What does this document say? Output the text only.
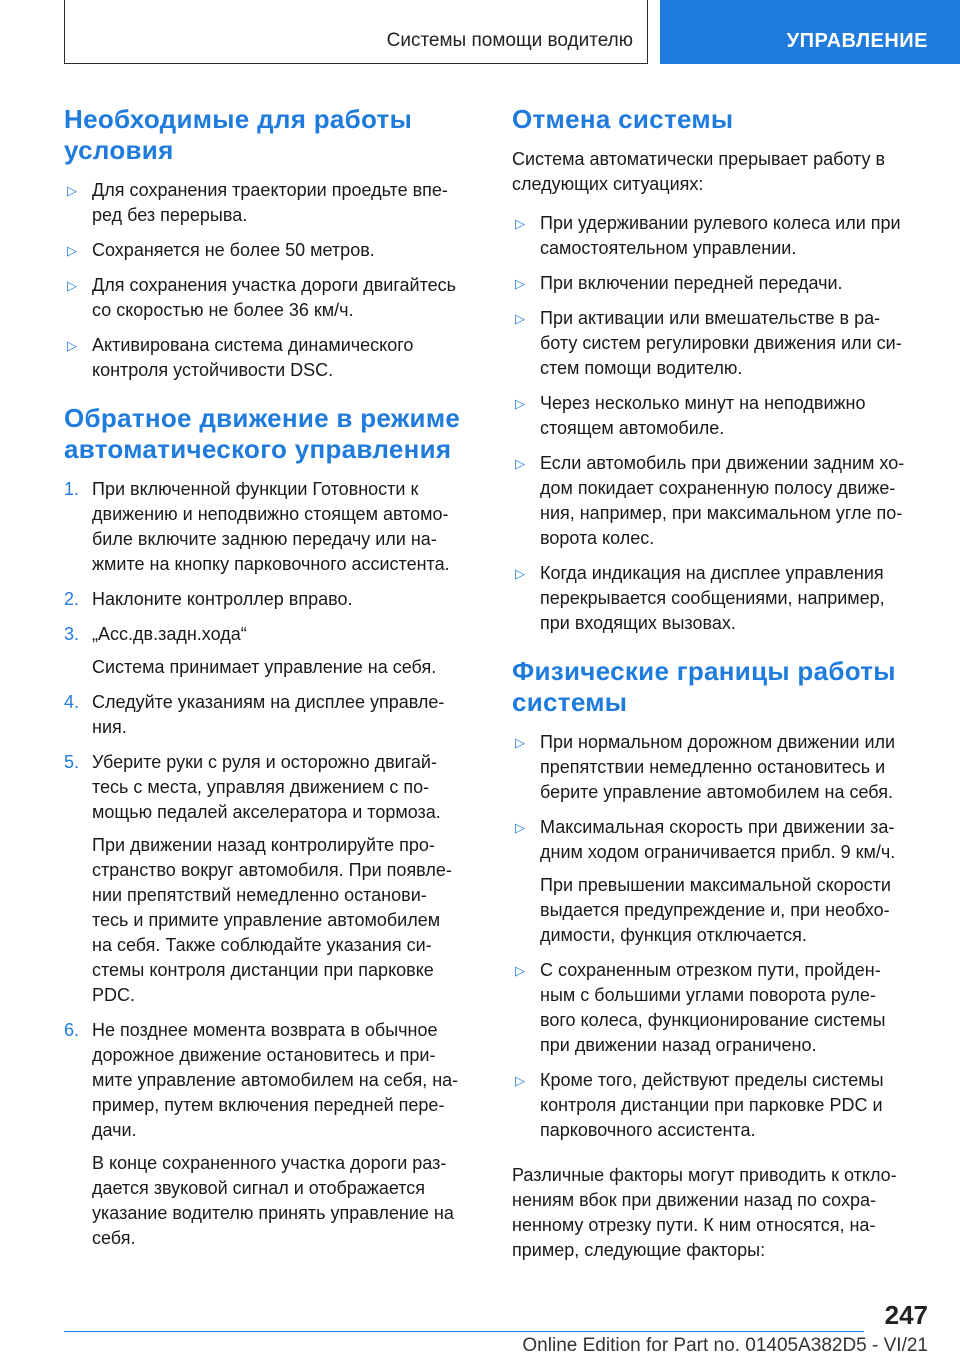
Системы помощи водителю	УПРАВЛЕНИЕ
Необходимые для работы условия
▷ Для сохранения траектории проедьте впе-
ред без перерыва.
▷ Сохраняется не более 50 метров.
▷ Для сохранения участка дороги двигайтесь
со скоростью не более 36 км/ч.
▷ Активирована система динамического
контроля устойчивости DSC.
Обратное движение в режиме автоматического управления
1. При включенной функции Готовности к
движению и неподвижно стоящем автомо-
биле включите заднюю передачу или на-
жмите на кнопку парковочного ассистента.
2. Наклоните контроллер вправо.
3. „Асс.дв.задн.хода“
Система принимает управление на себя.
4. Следуйте указаниям на дисплее управле-
ния.
5. Уберите руки с руля и осторожно двигай-
тесь с места, управляя движением с по-
мощью педалей акселератора и тормоза.
При движении назад контролируйте про-
странство вокруг автомобиля. При появле-
нии препятствий немедленно останови-
тесь и примите управление автомобилем
на себя. Также соблюдайте указания си-
стемы контроля дистанции при парковке
PDC.
6. Не позднее момента возврата в обычное
дорожное движение остановитесь и при-
мите управление автомобилем на себя, на-
пример, путем включения передней пере-
дачи.
В конце сохраненного участка дороги раз-
дается звуковой сигнал и отображается
указание водителю принять управление на
себя.
Отмена системы

Система автоматически прерывает работу в
следующих ситуациях:

▷ При удерживании рулевого колеса или при
самостоятельном управлении.
▷ При включении передней передачи.
▷ При активации или вмешательстве в ра-
боту систем регулировки движения или си-
стем помощи водителю.
▷ Через несколько минут на неподвижно
стоящем автомобиле.
▷ Если автомобиль при движении задним хо-
дом покидает сохраненную полосу движе-
ния, например, при максимальном угле по-
ворота колес.
▷ Когда индикация на дисплее управления
перекрывается сообщениями, например,
при входящих вызовах.
Физические границы работы системы
▷ При нормальном дорожном движении или
препятствии немедленно остановитесь и
берите управление автомобилем на себя.
▷ Максимальная скорость при движении за-
дним ходом ограничивается прибл. 9 км/ч.
При превышении максимальной скорости
выдается предупреждение и, при необхо-
димости, функция отключается.
▷ С сохраненным отрезком пути, пройден-
ным с большими углами поворота руле-
вого колеса, функционирование системы
при движении назад ограничено.
▷ Кроме того, действуют пределы системы
контроля дистанции при парковке PDC и
парковочного ассистента.

Различные факторы могут приводить к откло-
нениям вбок при движении назад по сохра-
ненному отрезку пути. К ним относятся, на-
пример, следующие факторы:

247
Online Edition for Part no. 01405A382D5 - VI/21
